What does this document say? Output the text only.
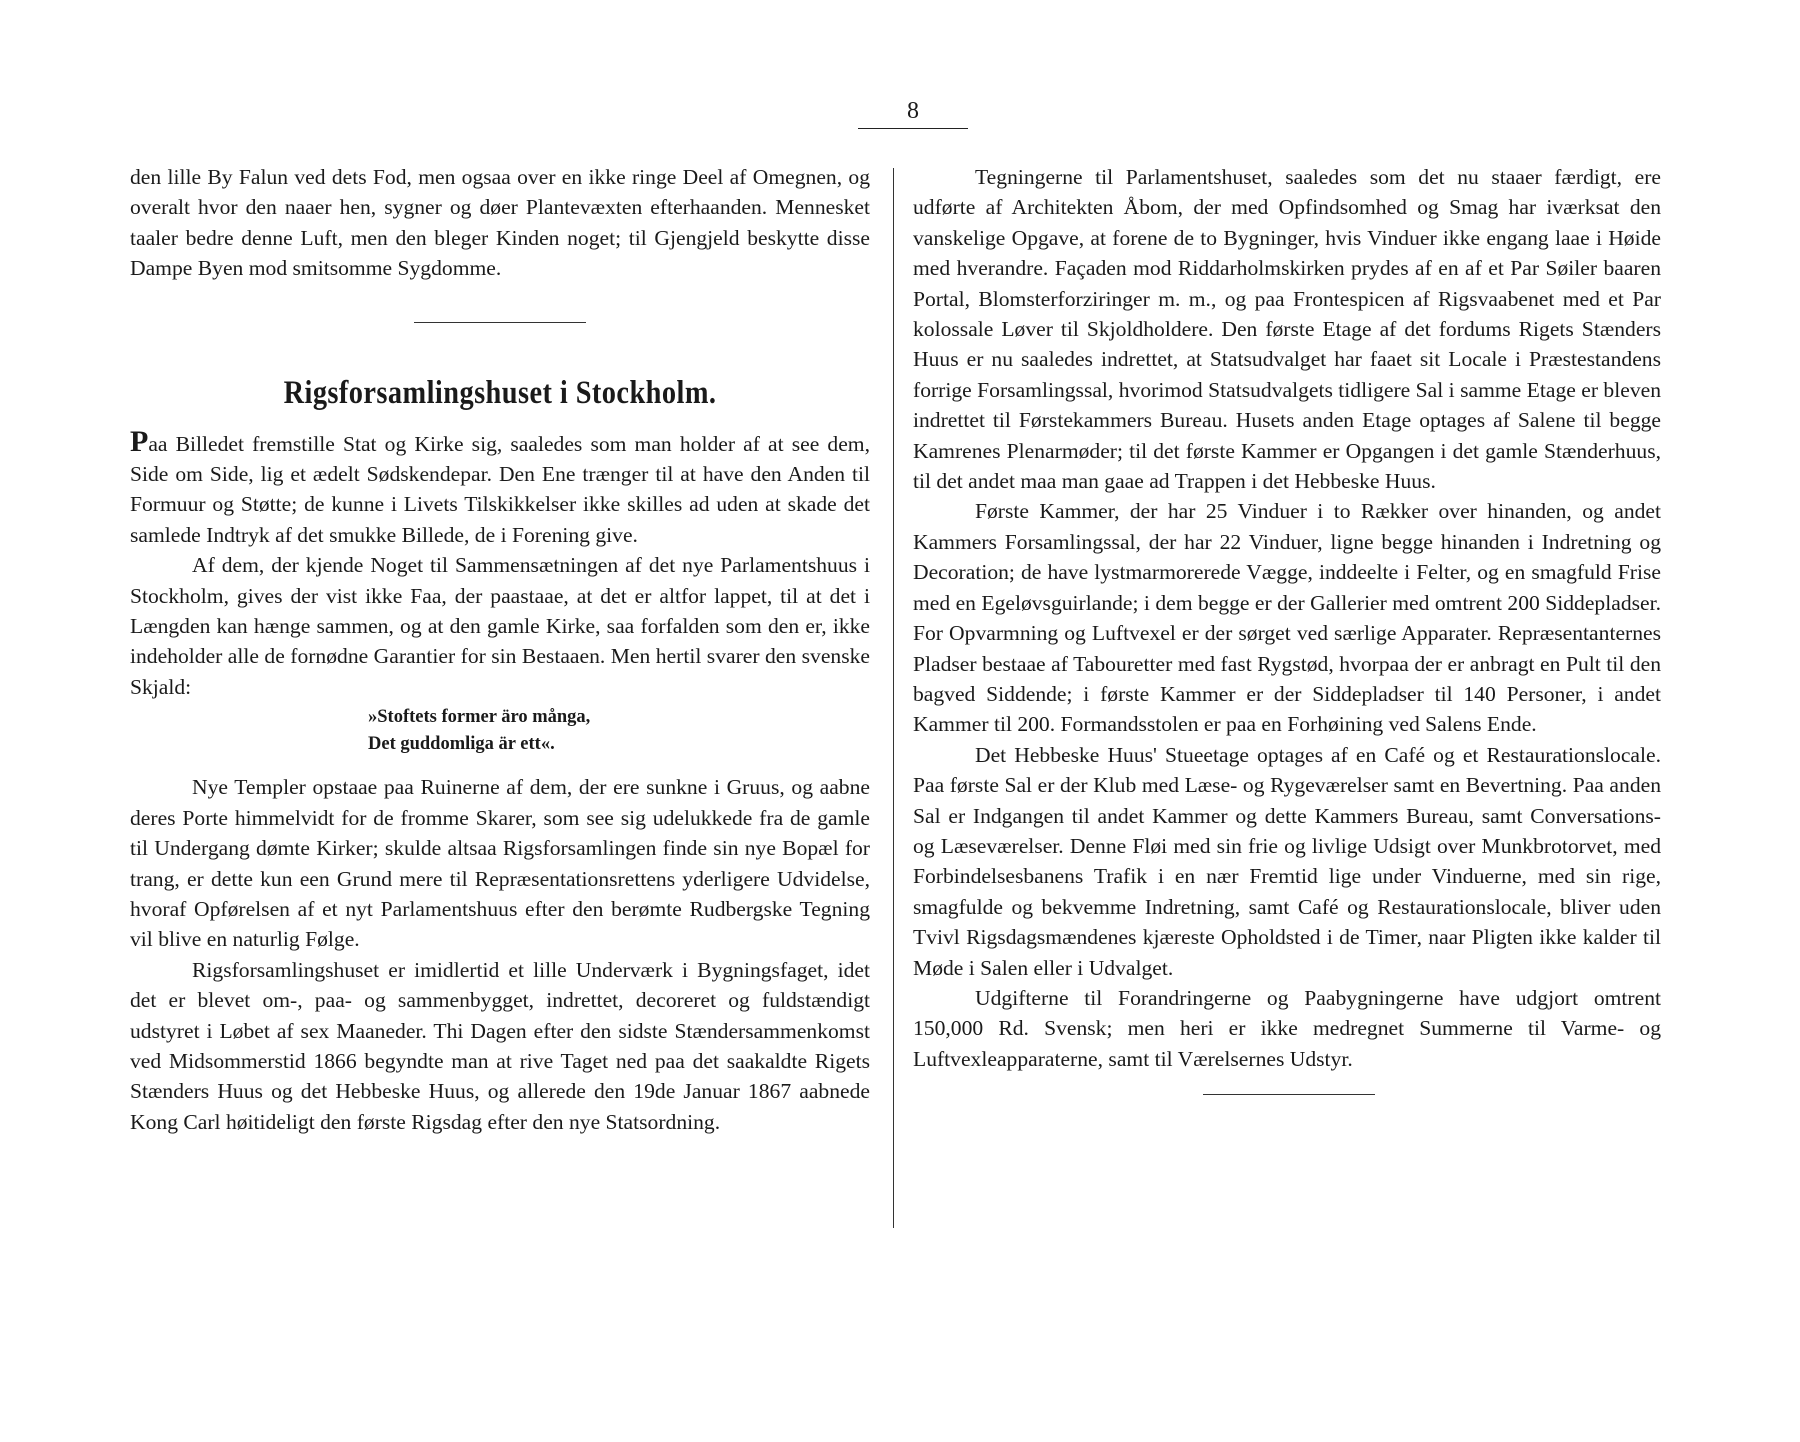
8

den lille By Falun ved dets Fod, men ogsaa over en ikke ringe Deel af Omegnen, og overalt hvor den naaer hen, sygner og døer Plantevæxten efterhaanden. Mennesket taaler bedre denne Luft, men den bleger Kinden noget; til Gjengjeld beskytte disse Dampe Byen mod smitsomme Sygdomme.

Rigsforsamlingshuset i Stockholm.

Paa Billedet fremstille Stat og Kirke sig, saaledes som man holder af at see dem, Side om Side, lig et ædelt Sødskendepar. Den Ene trænger til at have den Anden til Formuur og Støtte; de kunne i Livets Tilskikkelser ikke skilles ad uden at skade det samlede Indtryk af det smukke Billede, de i Forening give.

Af dem, der kjende Noget til Sammensætningen af det nye Parlamentshuus i Stockholm, gives der vist ikke Faa, der paastaae, at det er altfor lappet, til at det i Længden kan hænge sammen, og at den gamle Kirke, saa forfalden som den er, ikke indeholder alle de fornødne Garantier for sin Bestaaen. Men hertil svarer den svenske Skjald:

»Stoftets former äro många,
Det guddomliga är ett«.

Nye Templer opstaae paa Ruinerne af dem, der ere sunkne i Gruus, og aabne deres Porte himmelvidt for de fromme Skarer, som see sig udelukkede fra de gamle til Undergang dømte Kirker; skulde altsaa Rigsforsamlingen finde sin nye Bopæl for trang, er dette kun een Grund mere til Repræsentationsrettens yderligere Udvidelse, hvoraf Opførelsen af et nyt Parlamentshuus efter den berømte Rudbergske Tegning vil blive en naturlig Følge.

Rigsforsamlingshuset er imidlertid et lille Underværk i Bygningsfaget, idet det er blevet om-, paa- og sammenbygget, indrettet, decoreret og fuldstændigt udstyret i Løbet af sex Maaneder. Thi Dagen efter den sidste Stændersammenkomst ved Midsommerstid 1866 begyndte man at rive Taget ned paa det saakaldte Rigets Stænders Huus og det Hebbeske Huus, og allerede den 19de Januar 1867 aabnede Kong Carl høitideligt den første Rigsdag efter den nye Statsordning.

Tegningerne til Parlamentshuset, saaledes som det nu staaer færdigt, ere udførte af Architekten Åbom, der med Opfindsomhed og Smag har iværksat den vanskelige Opgave, at forene de to Bygninger, hvis Vinduer ikke engang laae i Høide med hverandre. Façaden mod Riddarholmskirken prydes af en af et Par Søiler baaren Portal, Blomsterforziringer m. m., og paa Frontespicen af Rigsvaabenet med et Par kolossale Løver til Skjoldholdere. Den første Etage af det fordums Rigets Stænders Huus er nu saaledes indrettet, at Statsudvalget har faaet sit Locale i Præstestandens forrige Forsamlingssal, hvorimod Statsudvalgets tidligere Sal i samme Etage er bleven indrettet til Førstekammers Bureau. Husets anden Etage optages af Salene til begge Kamrenes Plenarmøder; til det første Kammer er Opgangen i det gamle Stænderhuus, til det andet maa man gaae ad Trappen i det Hebbeske Huus.

Første Kammer, der har 25 Vinduer i to Rækker over hinanden, og andet Kammers Forsamlingssal, der har 22 Vinduer, ligne begge hinanden i Indretning og Decoration; de have lystmarmorerede Vægge, inddeelte i Felter, og en smagfuld Frise med en Egeløvsguirlande; i dem begge er der Gallerier med omtrent 200 Siddepladser. For Opvarmning og Luftvexel er der sørget ved særlige Apparater. Repræsentanternes Pladser bestaae af Tabouretter med fast Rygstød, hvorpaa der er anbragt en Pult til den bagved Siddende; i første Kammer er der Siddepladser til 140 Personer, i andet Kammer til 200. Formandsstolen er paa en Forhøining ved Salens Ende.

Det Hebbeske Huus' Stueetage optages af en Café og et Restaurationslocale. Paa første Sal er der Klub med Læse- og Rygeværelser samt en Bevertning. Paa anden Sal er Indgangen til andet Kammer og dette Kammers Bureau, samt Conversations- og Læseværelser. Denne Fløi med sin frie og livlige Udsigt over Munkbrotorvet, med Forbindelsesbanens Trafik i en nær Fremtid lige under Vinduerne, med sin rige, smagfulde og bekvemme Indretning, samt Café og Restaurationslocale, bliver uden Tvivl Rigsdagsmændenes kjæreste Opholdsted i de Timer, naar Pligten ikke kalder til Møde i Salen eller i Udvalget.

Udgifterne til Forandringerne og Paabygningerne have udgjort omtrent 150,000 Rd. Svensk; men heri er ikke medregnet Summerne til Varme- og Luftvexleapparaterne, samt til Værelsernes Udstyr.
